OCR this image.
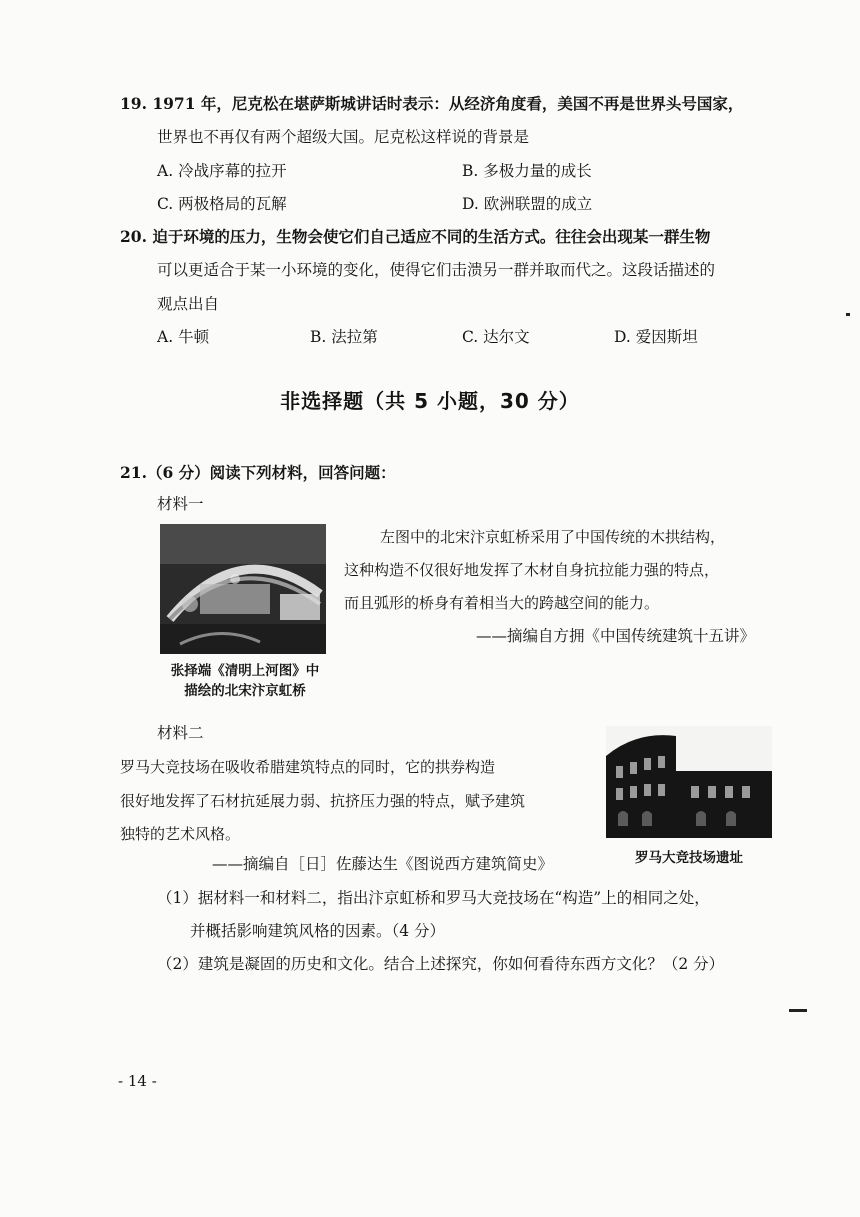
19. 1971 年，尼克松在堪萨斯城讲话时表示：从经济角度看，美国不再是世界头号国家，
世界也不再仅有两个超级大国。尼克松这样说的背景是
A. 冷战序幕的拉开	B. 多极力量的成长
C. 两极格局的瓦解	D. 欧洲联盟的成立
20. 迫于环境的压力，生物会使它们自己适应不同的生活方式。往往会出现某一群生物
可以更适合于某一小环境的变化，使得它们击溃另一群并取而代之。这段话描述的
观点出自
A. 牛顿	B. 法拉第	C. 达尔文	D. 爱因斯坦
非选择题（共 5 小题，30 分）
21.（6 分）阅读下列材料，回答问题：
材料一
左图中的北宋汴京虹桥采用了中国传统的木拱结构，
这种构造不仅很好地发挥了木材自身抗拉能力强的特点，
而且弧形的桥身有着相当大的跨越空间的能力。
——摘编自方拥《中国传统建筑十五讲》
张择端《清明上河图》中
描绘的北宋汴京虹桥
材料二
罗马大竞技场在吸收希腊建筑特点的同时，它的拱券构造
很好地发挥了石材抗延展力弱、抗挤压力强的特点，赋予建筑
独特的艺术风格。
——摘编自［日］佐藤达生《图说西方建筑简史》	罗马大竞技场遗址
（1）据材料一和材料二，指出汴京虹桥和罗马大竞技场在“构造”上的相同之处，
并概括影响建筑风格的因素。（4 分）
（2）建筑是凝固的历史和文化。结合上述探究，你如何看待东西方文化？（2 分）
- 14 -
